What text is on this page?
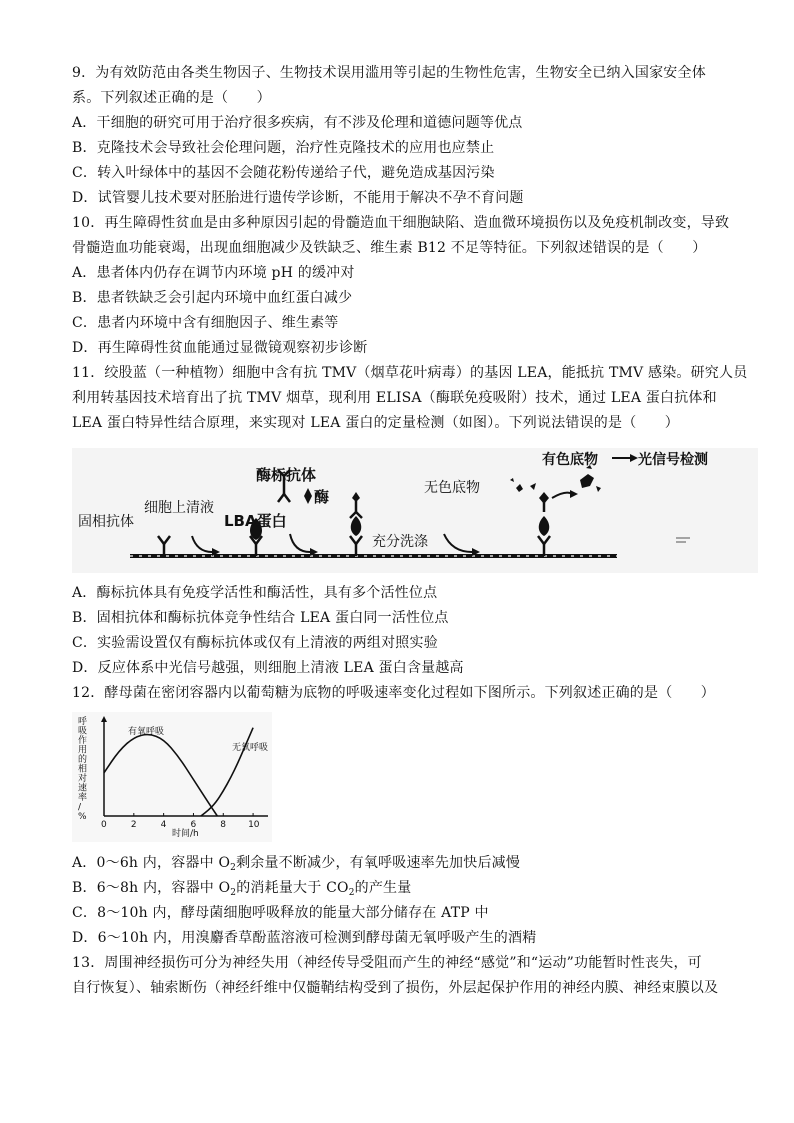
9．为有效防范由各类生物因子、生物技术误用滥用等引起的生物性危害，生物安全已纳入国家安全体
系。下列叙述正确的是（　　）
A．干细胞的研究可用于治疗很多疾病，有不涉及伦理和道德问题等优点
B．克隆技术会导致社会伦理问题，治疗性克隆技术的应用也应禁止
C．转入叶绿体中的基因不会随花粉传递给子代，避免造成基因污染
D．试管婴儿技术要对胚胎进行遗传学诊断，不能用于解决不孕不育问题
10．再生障碍性贫血是由多种原因引起的骨髓造血干细胞缺陷、造血微环境损伤以及免疫机制改变，导致
骨髓造血功能衰竭，出现血细胞减少及铁缺乏、维生素 B12 不足等特征。下列叙述错误的是（　　）
A．患者体内仍存在调节内环境 pH 的缓冲对
B．患者铁缺乏会引起内环境中血红蛋白减少
C．患者内环境中含有细胞因子、维生素等
D．再生障碍性贫血能通过显微镜观察初步诊断
11．绞股蓝（一种植物）细胞中含有抗 TMV（烟草花叶病毒）的基因 LEA，能抵抗 TMV 感染。研究人员
利用转基因技术培育出了抗 TMV 烟草，现利用 ELISA（酶联免疫吸附）技术，通过 LEA 蛋白抗体和
LEA 蛋白特异性结合原理，来实现对 LEA 蛋白的定量检测（如图）。下列说法错误的是（　　）
固相抗体
细胞上清液
LBA蛋白
酶标抗体
酶
充分洗涤
无色底物
有色底物	光信号检测
A．酶标抗体具有免疫学活性和酶活性，具有多个活性位点
B．固相抗体和酶标抗体竞争性结合 LEA 蛋白同一活性位点
C．实验需设置仅有酶标抗体或仅有上清液的两组对照实验
D．反应体系中光信号越强，则细胞上清液 LEA 蛋白含量越高
12．酵母菌在密闭容器内以葡萄糖为底物的呼吸速率变化过程如下图所示。下列叙述正确的是（　　）
呼吸作用的相对速率/ %
0	2	4	6	8 10
有氧呼吸
无氧呼吸
时间/h
A．0～6h 内，容器中 $O_2$剩余量不断减少，有氧呼吸速率先加快后减慢
B．6～8h 内，容器中 $O_2$的消耗量大于 $CO_2$的产生量
C．8～10h 内，酵母菌细胞呼吸释放的能量大部分储存在 ATP 中
D．6～10h 内，用溴麝香草酚蓝溶液可检测到酵母菌无氧呼吸产生的酒精
13．周围神经损伤可分为神经失用（神经传导受阻而产生的神经“感觉”和“运动”功能暂时性丧失，可
自行恢复）、轴索断伤（神经纤维中仅髓鞘结构受到了损伤，外层起保护作用的神经内膜、神经束膜以及
